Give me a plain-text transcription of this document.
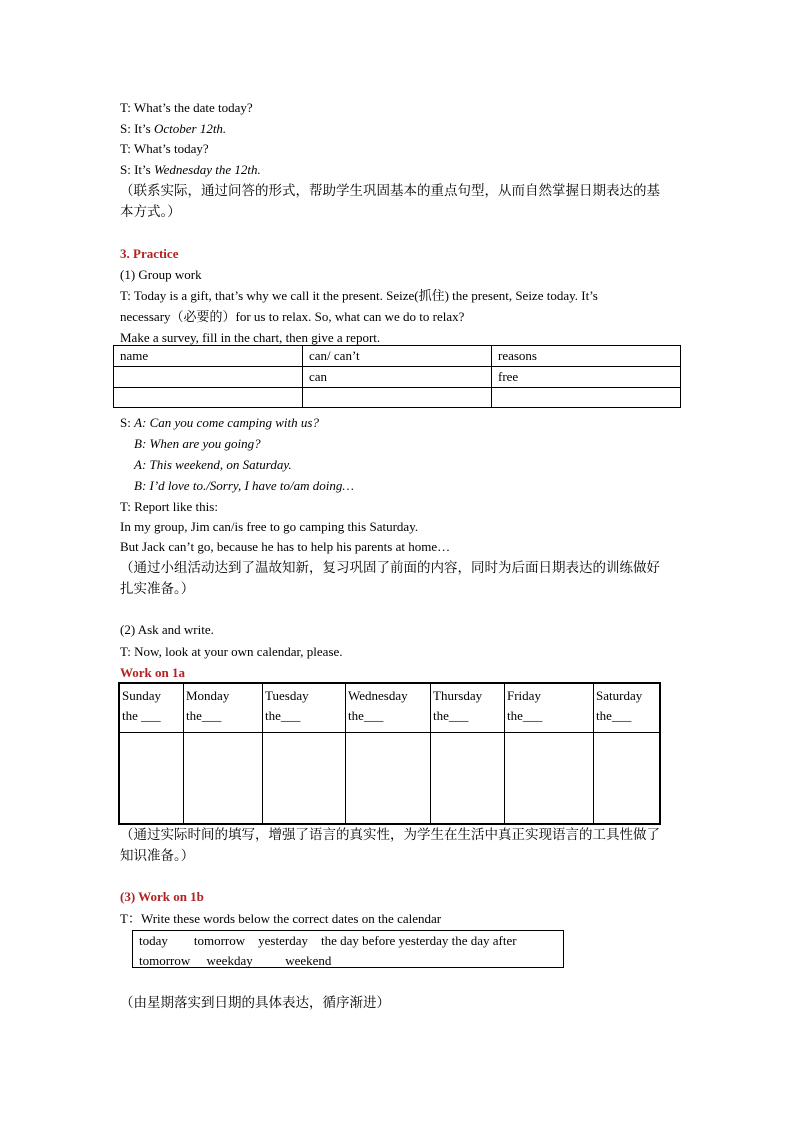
T: What’s the date today?
S: It’s October 12th.
T: What’s today?
S: It’s Wednesday the 12th.
（联系实际，通过问答的形式，帮助学生巩固基本的重点句型，从而自然掌握日期表达的基
本方式。）
3. Practice
(1) Group work
T: Today is a gift, that’s why we call it the present. Seize(抓住) the present, Seize today. It’s
necessary（必要的）for us to relax. So, what can we do to relax?
Make a survey, fill in the chart, then give a report.
name	can/ can’t	reasons
	can	free

S: A: Can you come camping with us?
B: When are you going?
A: This weekend, on Saturday.
B: I’d love to./Sorry, I have to/am doing…
T: Report like this:
In my group, Jim can/is free to go camping this Saturday.
But Jack can’t go, because he has to help his parents at home…
（通过小组活动达到了温故知新，复习巩固了前面的内容，同时为后面日期表达的训练做好
扎实准备。）
(2) Ask and write.
T: Now, look at your own calendar, please.
Work on 1a
Sunday
the ___	Monday
the___	Tuesday
the___	Wednesday
the___	Thursday
the___	Friday
the___	Saturday
the___

（通过实际时间的填写，增强了语言的真实性，为学生在生活中真正实现语言的工具性做了
知识准备。）
(3) Work on 1b
T：Write these words below the correct dates on the calendar
today        tomorrow    yesterday    the day before yesterday the day after
tomorrow     weekday          weekend
（由星期落实到日期的具体表达，循序渐进）
